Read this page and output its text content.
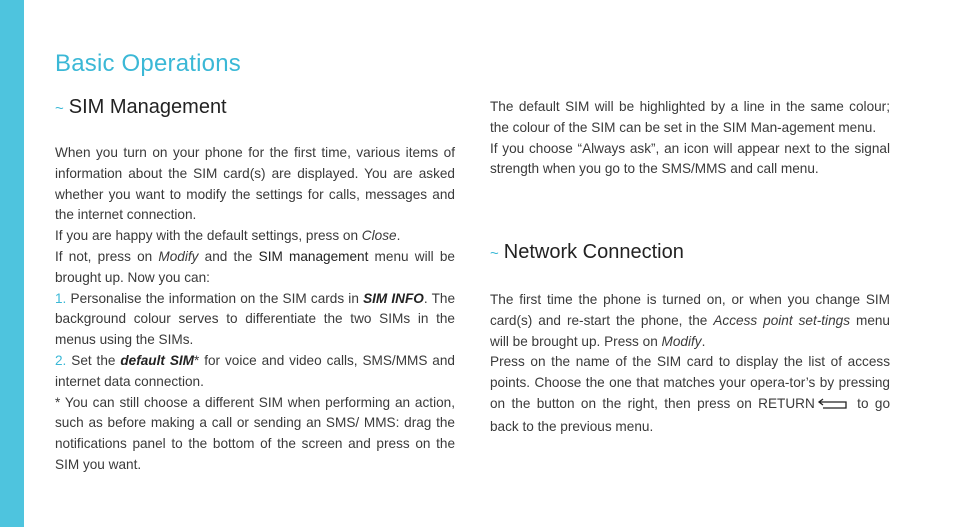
Basic Operations
~ SIM Management

When you turn on your phone for the first time, various items of information about the SIM card(s) are displayed. You are asked whether you want to modify the settings for calls, messages and the internet connection.

If you are happy with the default settings, press on Close.

If not, press on Modify and the SIM management menu will be brought up. Now you can:

1. Personalise the information on the SIM cards in SIM INFO. The background colour serves to differentiate the two SIMs in the menus using the SIMs.

2. Set the default SIM* for voice and video calls, SMS/MMS and internet data connection.

* You can still choose a different SIM when performing an action, such as before making a call or sending an SMS/ MMS: drag the notifications panel to the bottom of the screen and press on the SIM you want.

The default SIM will be highlighted by a line in the same colour; the colour of the SIM can be set in the SIM Man-agement menu.

If you choose “Always ask”, an icon will appear next to the signal strength when you go to the SMS/MMS and call menu.

~ Network Connection

The first time the phone is turned on, or when you change SIM card(s) and re-start the phone, the Access point set-tings menu will be brought up. Press on Modify.

Press on the name of the SIM card to display the list of access points. Choose the one that matches your opera-tor’s by pressing on the button on the right, then press on RETURN	to go back to the previous menu.
